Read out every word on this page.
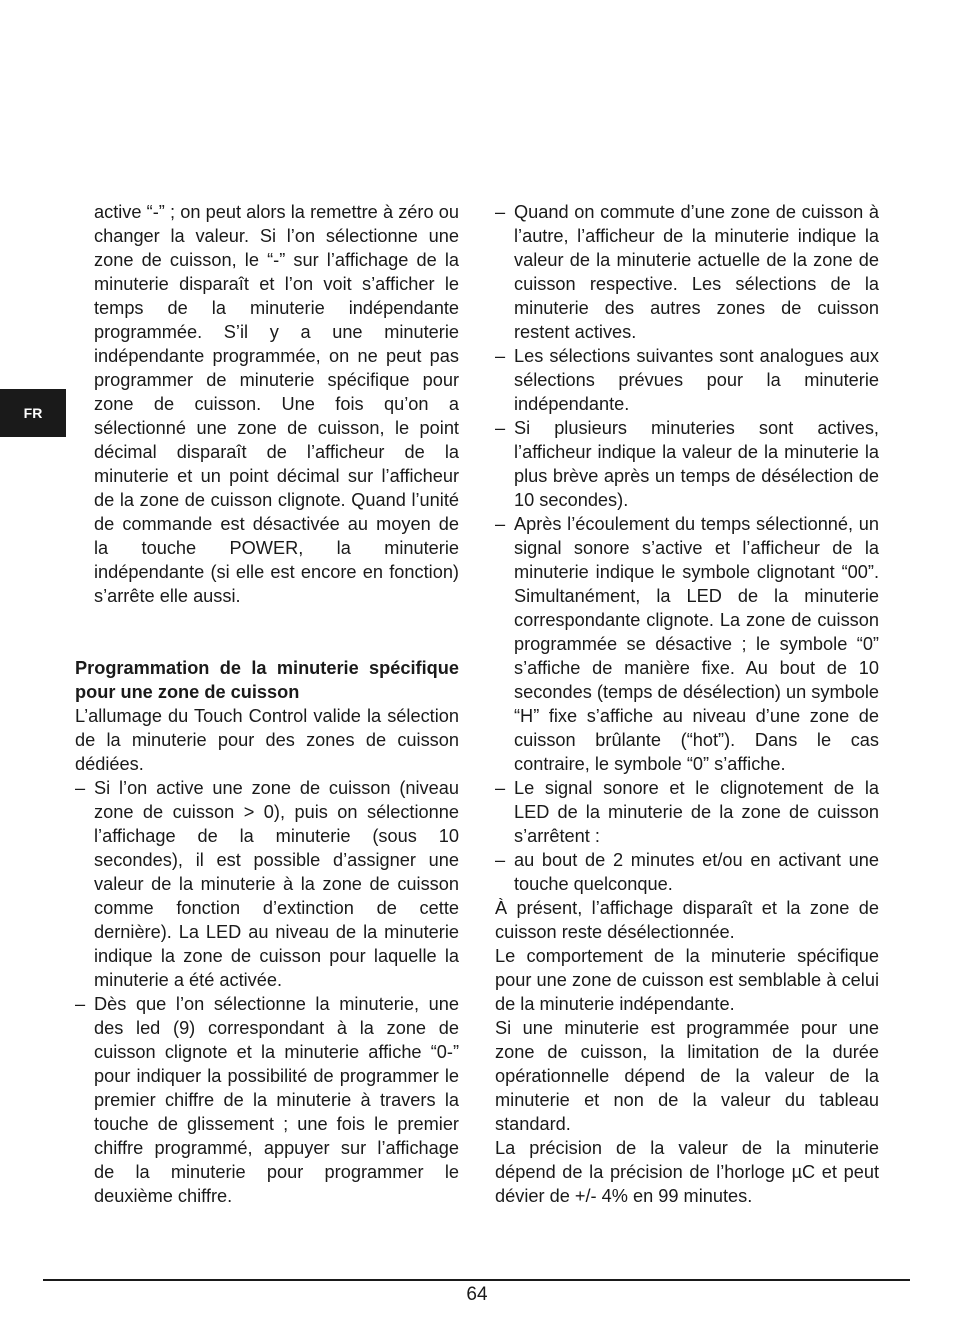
FR

active “-” ; on peut alors la remettre à zéro ou changer la valeur. Si l’on sélectionne une zone de cuisson, le “-” sur l’affichage de la minuterie disparaît et l’on voit s’afficher le temps de la minuterie indépendante programmée. S’il y a une minuterie indépendante programmée, on ne peut pas programmer de minuterie spécifique pour zone de cuisson. Une fois qu’on a sélectionné une zone de cuisson, le point décimal disparaît de l’afficheur de la minuterie et un point décimal sur l’afficheur de la zone de cuisson clignote. Quand l’unité de commande est désactivée au moyen de la touche POWER, la minuterie indépendante (si elle est encore en fonction) s’arrête elle aussi.

Programmation de la minuterie spécifique pour une zone de cuisson

L’allumage du Touch Control valide la sélection de la minuterie pour des zones de cuisson dédiées.

– Si l’on active une zone de cuisson (niveau zone de cuisson > 0), puis on sélectionne l’affichage de la minuterie (sous 10 secondes), il est possible d’assigner une valeur de la minuterie à la zone de cuisson comme fonction d’extinction de cette dernière). La LED au niveau de la minuterie indique la zone de cuisson pour laquelle la minuterie a été activée.

– Dès que l’on sélectionne la minuterie, une des led (9) correspondant à la zone de cuisson clignote et la minuterie affiche “0-” pour indiquer la possibilité de programmer le premier chiffre de la minuterie à travers la touche de glissement ; une fois le premier chiffre programmé, appuyer sur l’affichage de la minuterie pour programmer le deuxième chiffre.

– Quand on commute d’une zone de cuisson à l’autre, l’afficheur de la minuterie indique la valeur de la minuterie actuelle de la zone de cuisson respective. Les sélections de la minuterie des autres zones de cuisson restent actives.

– Les sélections suivantes sont analogues aux sélections prévues pour la minuterie indépendante.

– Si plusieurs minuteries sont actives, l’afficheur indique la valeur de la minuterie la plus brève après un temps de désélection de 10 secondes).

– Après l’écoulement du temps sélectionné, un signal sonore s’active et l’afficheur de la minuterie indique le symbole clignotant “00”. Simultanément, la LED de la minuterie correspondante clignote. La zone de cuisson programmée se désactive ; le symbole “0” s’affiche de manière fixe. Au bout de 10 secondes (temps de désélection) un symbole “H” fixe s’affiche au niveau d’une zone de cuisson brûlante (“hot”). Dans le cas contraire, le symbole “0” s’affiche.

– Le signal sonore et le clignotement de la LED de la minuterie de la zone de cuisson s’arrêtent :

– au bout de 2 minutes et/ou en activant une touche quelconque.

À présent, l’affichage disparaît et la zone de cuisson reste désélectionnée.

Le comportement de la minuterie spécifique pour une zone de cuisson est semblable à celui de la minuterie indépendante.

Si une minuterie est programmée pour une zone de cuisson, la limitation de la durée opérationnelle dépend de la valeur de la minuterie et non de la valeur du tableau standard.

La précision de la valeur de la minuterie dépend de la précision de l’horloge µC et peut dévier de +/- 4% en 99 minutes.

64
